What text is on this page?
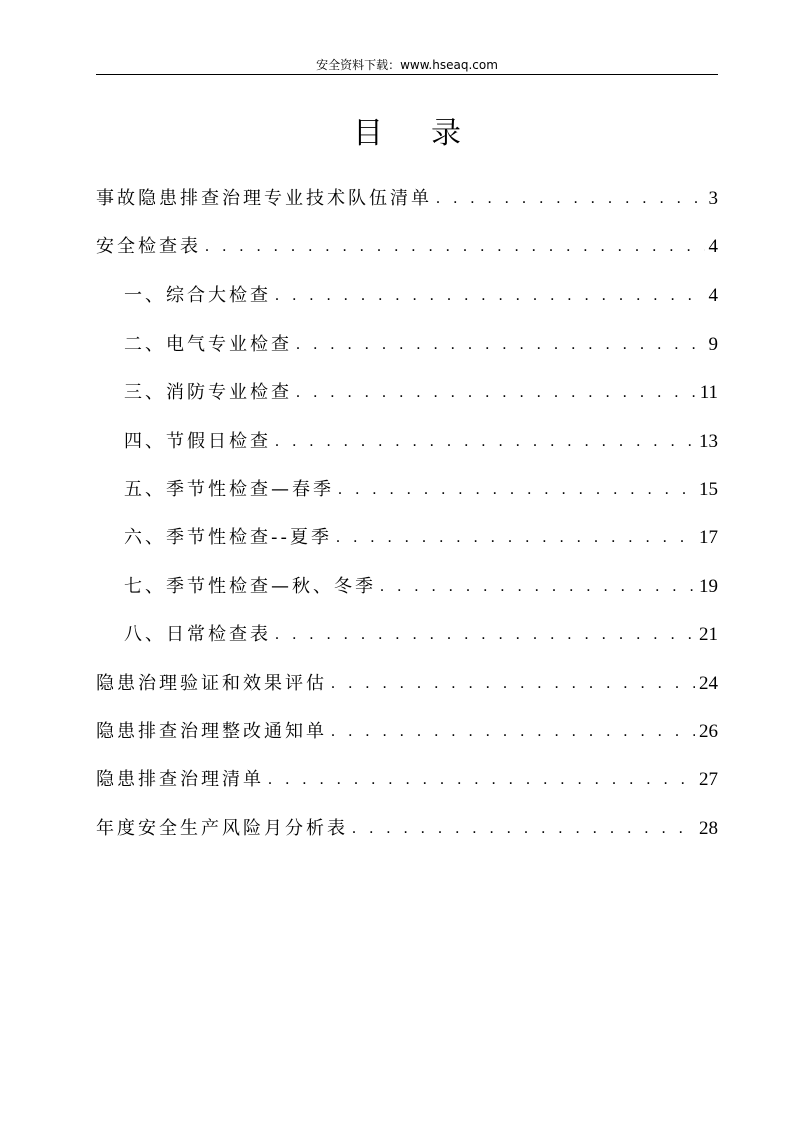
安全资料下载：www.hseaq.com
目录
事故隐患排查治理专业技术队伍清单 . . .	3
安全检查表 . . .	4
一、综合大检查 . . .	4
二、电气专业检查 . . .	9
三、消防专业检查 . . .	11
四、节假日检查 . . .	13
五、季节性检查—春季 . . .	15
六、季节性检查--夏季 . . .	17
七、季节性检查—秋、冬季 . . .	19
八、日常检查表 . . .	21
隐患治理验证和效果评估 . . .	24
隐患排查治理整改通知单 . . .	26
隐患排查治理清单 . . .	27
年度安全生产风险月分析表 . . .	28
